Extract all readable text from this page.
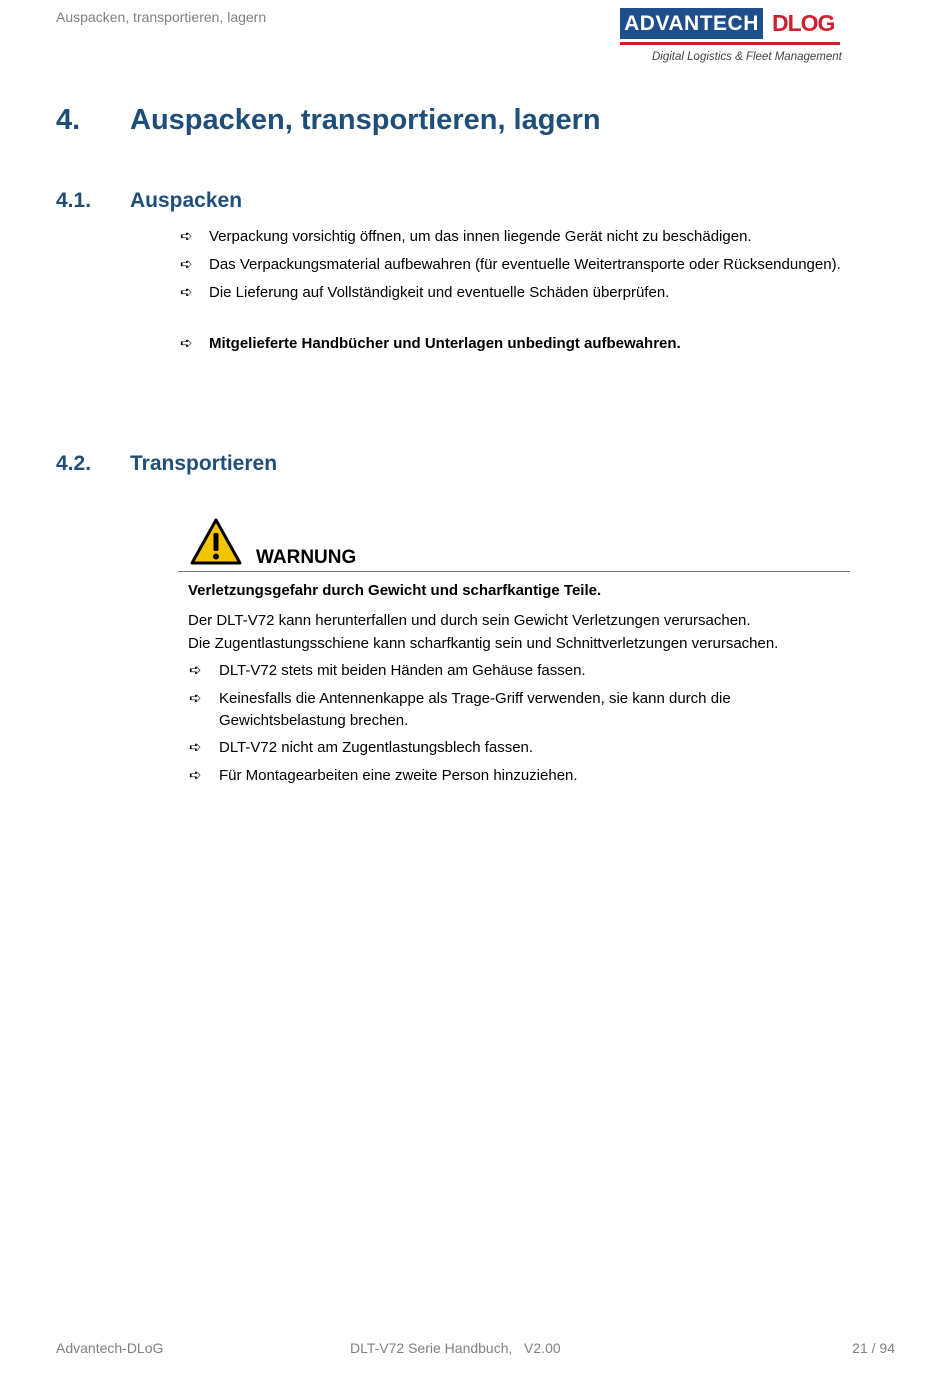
Auspacken, transportieren, lagern	ADVANTECH DLOG
Digital Logistics & Fleet Management
4. Auspacken, transportieren, lagern
4.1. Auspacken
➪ Verpackung vorsichtig öffnen, um das innen liegende Gerät nicht zu beschädigen.
➪ Das Verpackungsmaterial aufbewahren (für eventuelle Weitertransporte oder Rücksendungen).
➪ Die Lieferung auf Vollständigkeit und eventuelle Schäden überprüfen.
➪ Mitgelieferte Handbücher und Unterlagen unbedingt aufbewahren.
4.2. Transportieren
WARNUNG
Verletzungsgefahr durch Gewicht und scharfkantige Teile.
Der DLT-V72 kann herunterfallen und durch sein Gewicht Verletzungen verursachen.
Die Zugentlastungsschiene kann scharfkantig sein und Schnittverletzungen verursachen.
➪ DLT-V72 stets mit beiden Händen am Gehäuse fassen.
➪ Keinesfalls die Antennenkappe als Trage-Griff verwenden, sie kann durch die
Gewichtsbelastung brechen.
➪ DLT-V72 nicht am Zugentlastungsblech fassen.
➪ Für Montagearbeiten eine zweite Person hinzuziehen.
Advantech-DLoG	DLT-V72 Serie Handbuch,   V2.00	21 / 94
